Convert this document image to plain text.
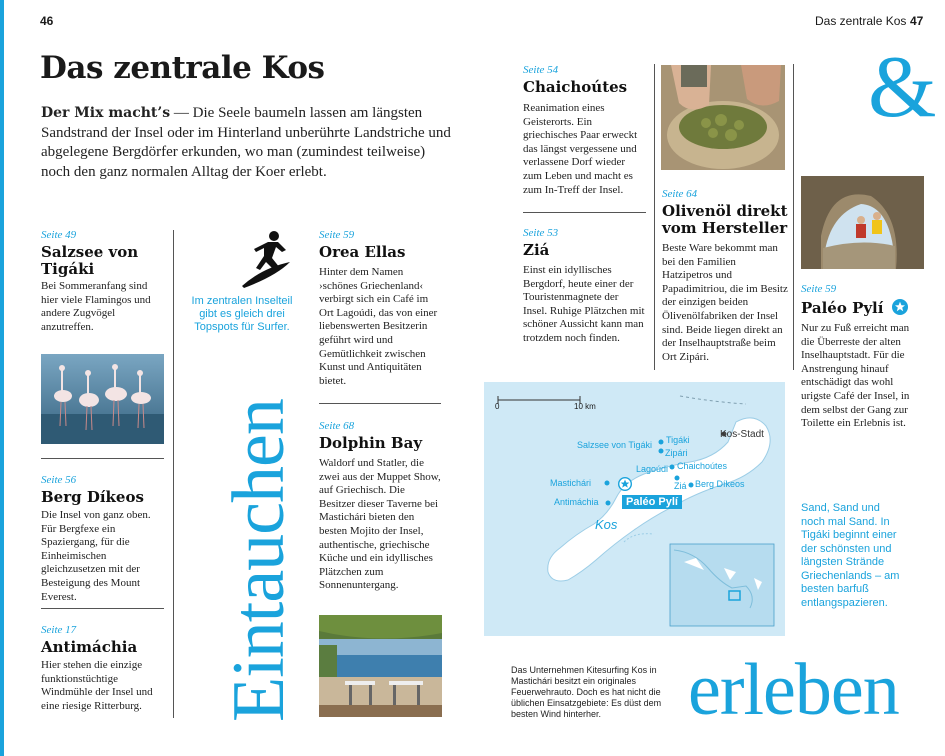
46	Das zentrale Kos 47
Das zentrale Kos
Der Mix macht’s — Die Seele baumeln lassen am längsten Sandstrand der Insel oder im Hinterland unberührte Landstriche und abgelegene Bergdörfer erkunden, wo man (zumindest teilweise) noch den ganz normalen Alltag der Koer erlebt.
Seite 49
Salzsee von Tigáki
Bei Sommeranfang sind hier viele Flamingos und andere Zugvögel anzutreffen.
Seite 56
Berg Díkeos
Die Insel von ganz oben. Für Bergfexe ein Spaziergang, für die Einheimischen gleichzusetzen mit der Besteigung des Mount Everest.
Seite 17
Antimáchia
Hier stehen die einzige funktionstüchtige Windmühle der Insel und eine riesige Ritterburg.
Im zentralen Inselteil gibt es gleich drei Topspots für Surfer.
Eintauchen
Seite 59
Orea Ellas
Hinter dem Namen ›schönes Griechenland‹ verbirgt sich ein Café im Ort Lagoúdi, das von einer liebenswerten Besitzerin geführt wird und Gemütlichkeit zwischen Kunst und Antiquitäten bietet.
Seite 68
Dolphin Bay
Waldorf und Statler, die zwei aus der Muppet Show, auf Griechisch. Die Besitzer dieser Taverne bei Mastichári bieten den besten Mojito der Insel, authentische, griechische Küche und ein idyllisches Plätzchen zum Sonnenuntergang.
Seite 54
Chaichoútes
Reanimation eines Geisterorts. Ein griechisches Paar erweckt das längst vergessene und verlassene Dorf wieder zum Leben und macht es zum In-Treff der Insel.
Seite 53
Ziá
Einst ein idyllisches Bergdorf, heute einer der Touristenmagnete der Insel. Ruhige Plätzchen mit schöner Aussicht kann man trotzdem noch finden.
Seite 64
Olivenöl direkt vom Hersteller
Beste Ware bekommt man bei den Familien Hatzipetros und Papadimitriou, die im Besitz der einzigen beiden Ölivenölfabriken der Insel sind. Beide liegen direkt an der Inselhauptstraße beim Ort Zipári.
&
Seite 59
Paléo Pylí
Nur zu Fuß erreicht man die Überreste der alten Inselhauptstadt. Für die Anstrengung hinauf entschädigt das wohl urigste Café der Insel, in dem selbst der Gang zur Toilette ein Erlebnis ist.
0	10 km
Kos-Stadt
Salzsee von Tigáki Tigáki
Zipári
Lagoúdi Chaichoútes
Ziá
Mastichári	Berg Díkeos
Antimáchia
Kos
Paléo Pylí	Sand, Sand und noch mal Sand. In Tigáki beginnt einer der schönsten und längsten Strände Griechenlands – am besten barfuß entlangspazieren.
Das Unternehmen Kitesurfing Kos in Mastichári besitzt ein originales Feuerwehrauto. Doch es hat nicht die üblichen Einsatzgebiete: Es düst dem besten Wind hinterher.	erleben
